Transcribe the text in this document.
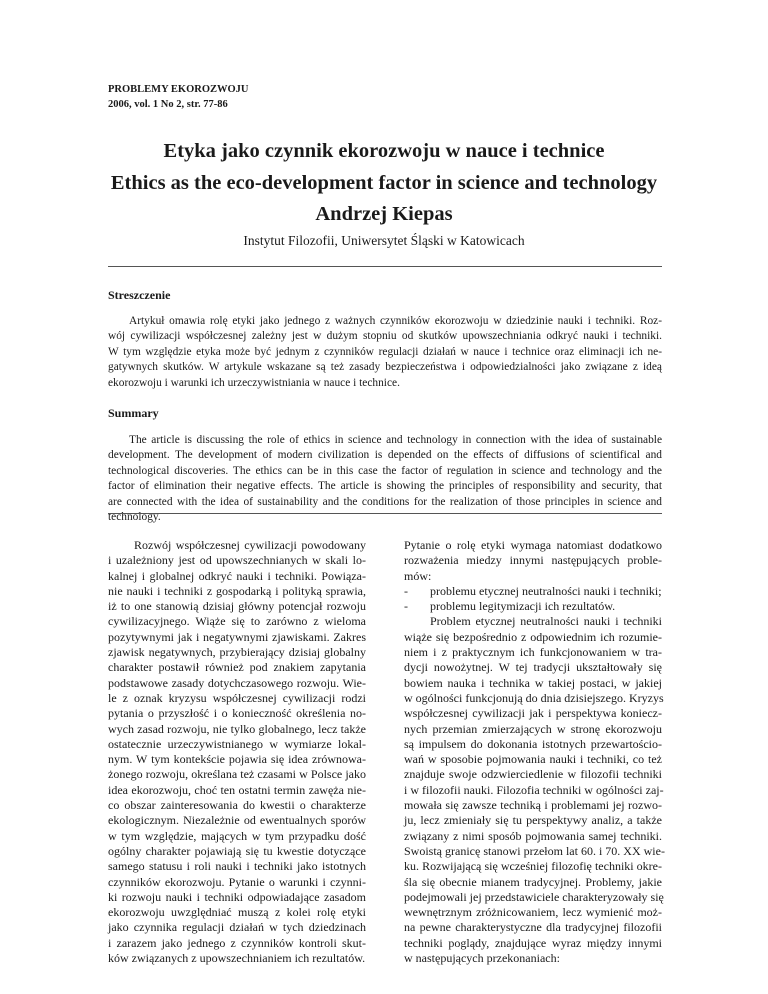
PROBLEMY EKOROZWOJU
2006, vol. 1 No 2, str. 77-86
Etyka jako czynnik ekorozwoju w nauce i technice
Ethics as the eco-development factor in science and technology
Andrzej Kiepas
Instytut Filozofii, Uniwersytet Śląski w Katowicach
Streszczenie
Artykuł omawia rolę etyki jako jednego z ważnych czynników ekorozwoju w dziedzinie nauki i techniki. Roz-
wój cywilizacji współczesnej zależny jest w dużym stopniu od skutków upowszechniania odkryć nauki i techniki.
W tym względzie etyka może być jednym z czynników regulacji działań w nauce i technice oraz eliminacji ich ne-
gatywnych skutków. W artykule wskazane są też zasady bezpieczeństwa i odpowiedzialności jako związane z ideą
ekorozwoju i warunki ich urzeczywistniania w nauce i technice.
Summary
The article is discussing the role of ethics in science and technology in connection with the idea of sustainable
development. The development of modern civilization is depended on the effects of diffusions of scientifical and
technological discoveries. The ethics can be in this case the factor of regulation in science and technology and the
factor of elimination their negative effects. The article is showing the principles of responsibility and security, that
are connected with the idea of sustainability and the conditions for the realization of those principles in science and
technology.
Rozwój współczesnej cywilizacji powodowany
i uzależniony jest od upowszechnianych w skali lo-
kalnej i globalnej odkryć nauki i techniki. Powiąza-
nie nauki i techniki z gospodarką i polityką sprawia,
iż to one stanowią dzisiaj główny potencjał rozwoju
cywilizacyjnego. Wiąże się to zarówno z wieloma
pozytywnymi jak i negatywnymi zjawiskami. Zakres
zjawisk negatywnych, przybierający dzisiaj globalny
charakter postawił również pod znakiem zapytania
podstawowe zasady dotychczasowego rozwoju. Wie-
le z oznak kryzysu współczesnej cywilizacji rodzi
pytania o przyszłość i o konieczność określenia no-
wych zasad rozwoju, nie tylko globalnego, lecz także
ostatecznie urzeczywistnianego w wymiarze lokal-
nym. W tym kontekście pojawia się idea zrównowa-
żonego rozwoju, określana też czasami w Polsce jako
idea ekorozwoju, choć ten ostatni termin zawęża nie-
co obszar zainteresowania do kwestii o charakterze
ekologicznym. Niezależnie od ewentualnych sporów
w tym względzie, mających w tym przypadku dość
ogólny charakter pojawiają się tu kwestie dotyczące
samego statusu i roli nauki i techniki jako istotnych
czynników ekorozwoju. Pytanie o warunki i czynni-
ki rozwoju nauki i techniki odpowiadające zasadom
ekorozwoju uwzględniać muszą z kolei rolę etyki
jako czynnika regulacji działań w tych dziedzinach
i zarazem jako jednego z czynników kontroli skut-
ków związanych z upowszechnianiem ich rezultatów.
Pytanie o rolę etyki wymaga natomiast dodatkowo
rozważenia miedzy innymi następujących proble-
mów:
- problemu etycznej neutralności nauki i techniki;
- problemu legitymizacji ich rezultatów.
Problem etycznej neutralności nauki i techniki
wiąże się bezpośrednio z odpowiednim ich rozumie-
niem i z praktycznym ich funkcjonowaniem w tra-
dycji nowożytnej. W tej tradycji ukształtowały się
bowiem nauka i technika w takiej postaci, w jakiej
w ogólności funkcjonują do dnia dzisiejszego. Kryzys
współczesnej cywilizacji jak i perspektywa koniecz-
nych przemian zmierzających w stronę ekorozwoju
są impulsem do dokonania istotnych przewartościo-
wań w sposobie pojmowania nauki i techniki, co też
znajduje swoje odzwierciedlenie w filozofii techniki
i w filozofii nauki. Filozofia techniki w ogólności zaj-
mowała się zawsze techniką i problemami jej rozwo-
ju, lecz zmieniały się tu perspektywy analiz, a także
związany z nimi sposób pojmowania samej techniki.
Swoistą granicę stanowi przełom lat 60. i 70. XX wie-
ku. Rozwijającą się wcześniej filozofię techniki okre-
śla się obecnie mianem tradycyjnej. Problemy, jakie
podejmowali jej przedstawiciele charakteryzowały się
wewnętrznym zróżnicowaniem, lecz wymienić moż-
na pewne charakterystyczne dla tradycyjnej filozofii
techniki poglądy, znajdujące wyraz między innymi
w następujących przekonaniach:
